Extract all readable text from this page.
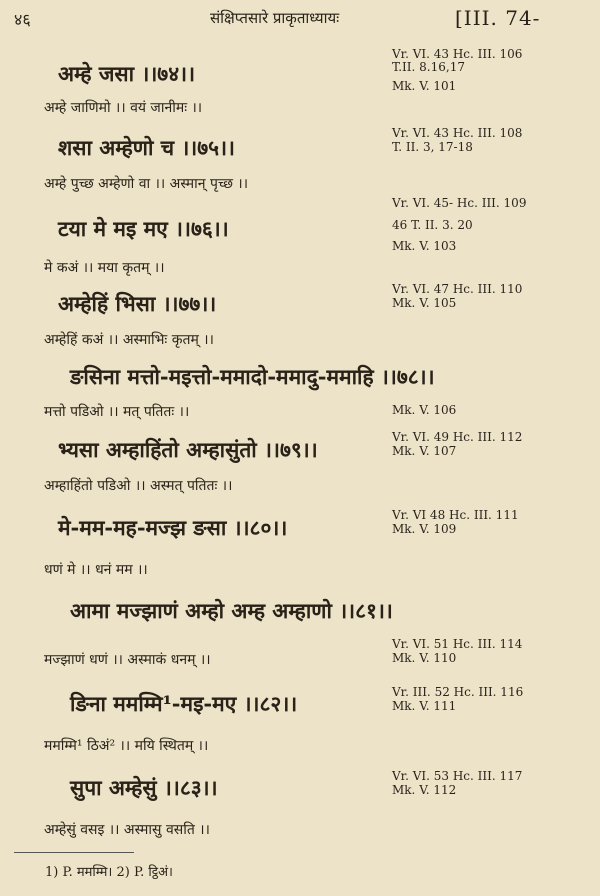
४६	संक्षिप्तसारे प्राकृताध्यायः	[III. 74-
अम्हे जसा ।।७४।।
Vr. VI. 43 Hc. III. 106
T.II. 8.16,17
Mk. V. 101
अम्हे जाणिमो ।। वयं जानीमः ।।
शसा अम्हेणो च ।।७५।।
Vr. VI. 43 Hc. III. 108
T. II. 3, 17-18
अम्हे पुच्छ अम्हेणो वा ।। अस्मान् पृच्छ ।।
टया मे मइ मए ।।७६।।
Vr. VI. 45- Hc. III. 109
46 T. II. 3. 20
Mk. V. 103
मे कअं ।। मया कृतम् ।।
अम्हेहिं भिसा ।।७७।।
Vr. VI. 47 Hc. III. 110
Mk. V. 105
अम्हेहिं कअं ।। अस्माभिः कृतम् ।।
ङसिना मत्तो-मइत्तो-ममादो-ममादु-ममाहि ।।७८।।
Mk. V. 106
मत्तो पडिओ ।। मत् पतितः ।।
भ्यसा अम्हाहिंतो अम्हासुंतो ।।७९।।	Vr. VI. 49 Hc. III. 112
Mk. V. 107
अम्हाहिंतो पडिओ ।। अस्मत् पतितः ।।
मे-मम-मह-मज्झ ङसा ।।८०।।	Vr. VI 48 Hc. III. 111
Mk. V. 109
धणं मे ।। धनं मम ।।
आमा मज्झाणं अम्हो अम्ह अम्हाणो ।।८१।।
Vr. VI. 51 Hc. III. 114
Mk. V. 110
मज्झाणं धणं ।। अस्माकं धनम् ।।
ङिना ममम्मि¹-मइ-मए ।।८२।।	Vr. III. 52 Hc. III. 116
Mk. V. 111
ममम्मि¹ ठिअं² ।। मयि स्थितम् ।।
सुपा अम्हेसुं ।।८३।।	Vr. VI. 53 Hc. III. 117
Mk. V. 112
अम्हेसुं वसइ ।। अस्मासु वसति ।।
1) P. ममम्मि। 2) P. ट्ठिअं।
